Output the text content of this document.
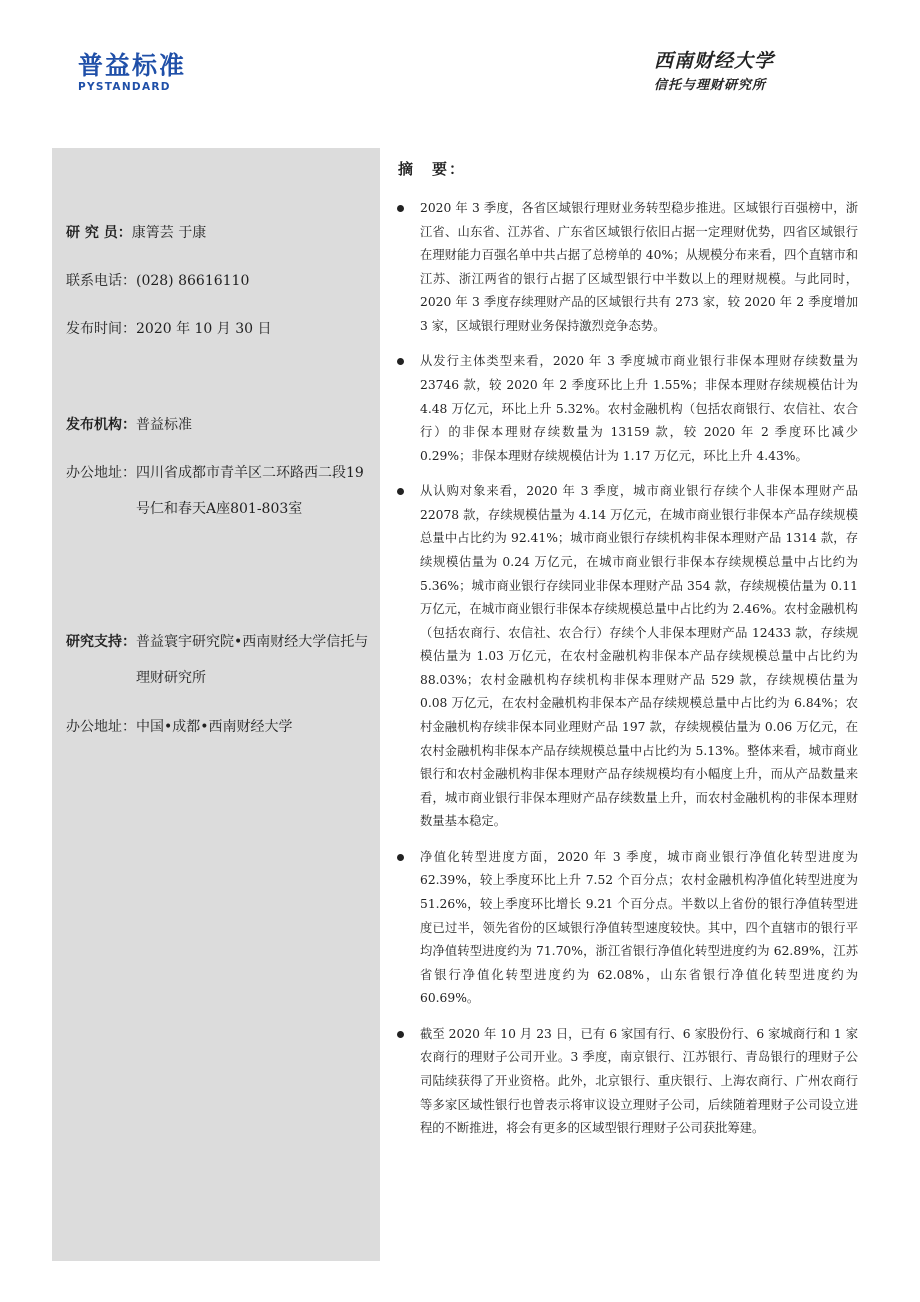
普益标准
PYSTANDARD
西南财经大学
信托与理财研究所
研 究 员： 康箐芸 于康
联系电话： (028) 86616110
发布时间： 2020 年 10 月 30 日
发布机构： 普益标准
办公地址： 四川省成都市青羊区二环路西二段19号仁和春天A座801-803室
研究支持： 普益寰宇研究院•西南财经大学信托与理财研究所
办公地址： 中国•成都•西南财经大学
摘　要：
2020 年 3 季度，各省区域银行理财业务转型稳步推进。区域银行百强榜中，浙江省、山东省、江苏省、广东省区域银行依旧占据一定理财优势，四省区域银行在理财能力百强名单中共占据了总榜单的 40%；从规模分布来看，四个直辖市和江苏、浙江两省的银行占据了区域型银行中半数以上的理财规模。与此同时，2020 年 3 季度存续理财产品的区域银行共有 273 家，较 2020 年 2 季度增加 3 家，区域银行理财业务保持激烈竞争态势。
从发行主体类型来看，2020 年 3 季度城市商业银行非保本理财存续数量为 23746 款，较 2020 年 2 季度环比上升 1.55%；非保本理财存续规模估计为 4.48 万亿元，环比上升 5.32%。农村金融机构（包括农商银行、农信社、农合行）的非保本理财存续数量为 13159 款，较 2020 年 2 季度环比减少 0.29%；非保本理财存续规模估计为 1.17 万亿元，环比上升 4.43%。
从认购对象来看，2020 年 3 季度，城市商业银行存续个人非保本理财产品 22078 款，存续规模估量为 4.14 万亿元，在城市商业银行非保本产品存续规模总量中占比约为 92.41%；城市商业银行存续机构非保本理财产品 1314 款，存续规模估量为 0.24 万亿元，在城市商业银行非保本存续规模总量中占比约为 5.36%；城市商业银行存续同业非保本理财产品 354 款，存续规模估量为 0.11 万亿元，在城市商业银行非保本存续规模总量中占比约为 2.46%。农村金融机构（包括农商行、农信社、农合行）存续个人非保本理财产品 12433 款，存续规模估量为 1.03 万亿元，在农村金融机构非保本产品存续规模总量中占比约为 88.03%；农村金融机构存续机构非保本理财产品 529 款，存续规模估量为 0.08 万亿元，在农村金融机构非保本产品存续规模总量中占比约为 6.84%；农村金融机构存续非保本同业理财产品 197 款，存续规模估量为 0.06 万亿元，在农村金融机构非保本产品存续规模总量中占比约为 5.13%。整体来看，城市商业银行和农村金融机构非保本理财产品存续规模均有小幅度上升，而从产品数量来看，城市商业银行非保本理财产品存续数量上升，而农村金融机构的非保本理财数量基本稳定。
净值化转型进度方面，2020 年 3 季度，城市商业银行净值化转型进度为 62.39%，较上季度环比上升 7.52 个百分点；农村金融机构净值化转型进度为 51.26%，较上季度环比增长 9.21 个百分点。半数以上省份的银行净值转型进度已过半，领先省份的区域银行净值转型速度较快。其中，四个直辖市的银行平均净值转型进度约为 71.70%，浙江省银行净值化转型进度约为 62.89%，江苏省银行净值化转型进度约为 62.08%，山东省银行净值化转型进度约为 60.69%。
截至 2020 年 10 月 23 日，已有 6 家国有行、6 家股份行、6 家城商行和 1 家农商行的理财子公司开业。3 季度，南京银行、江苏银行、青岛银行的理财子公司陆续获得了开业资格。此外，北京银行、重庆银行、上海农商行、广州农商行等多家区域性银行也曾表示将审议设立理财子公司，后续随着理财子公司设立进程的不断推进，将会有更多的区域型银行理财子公司获批筹建。
